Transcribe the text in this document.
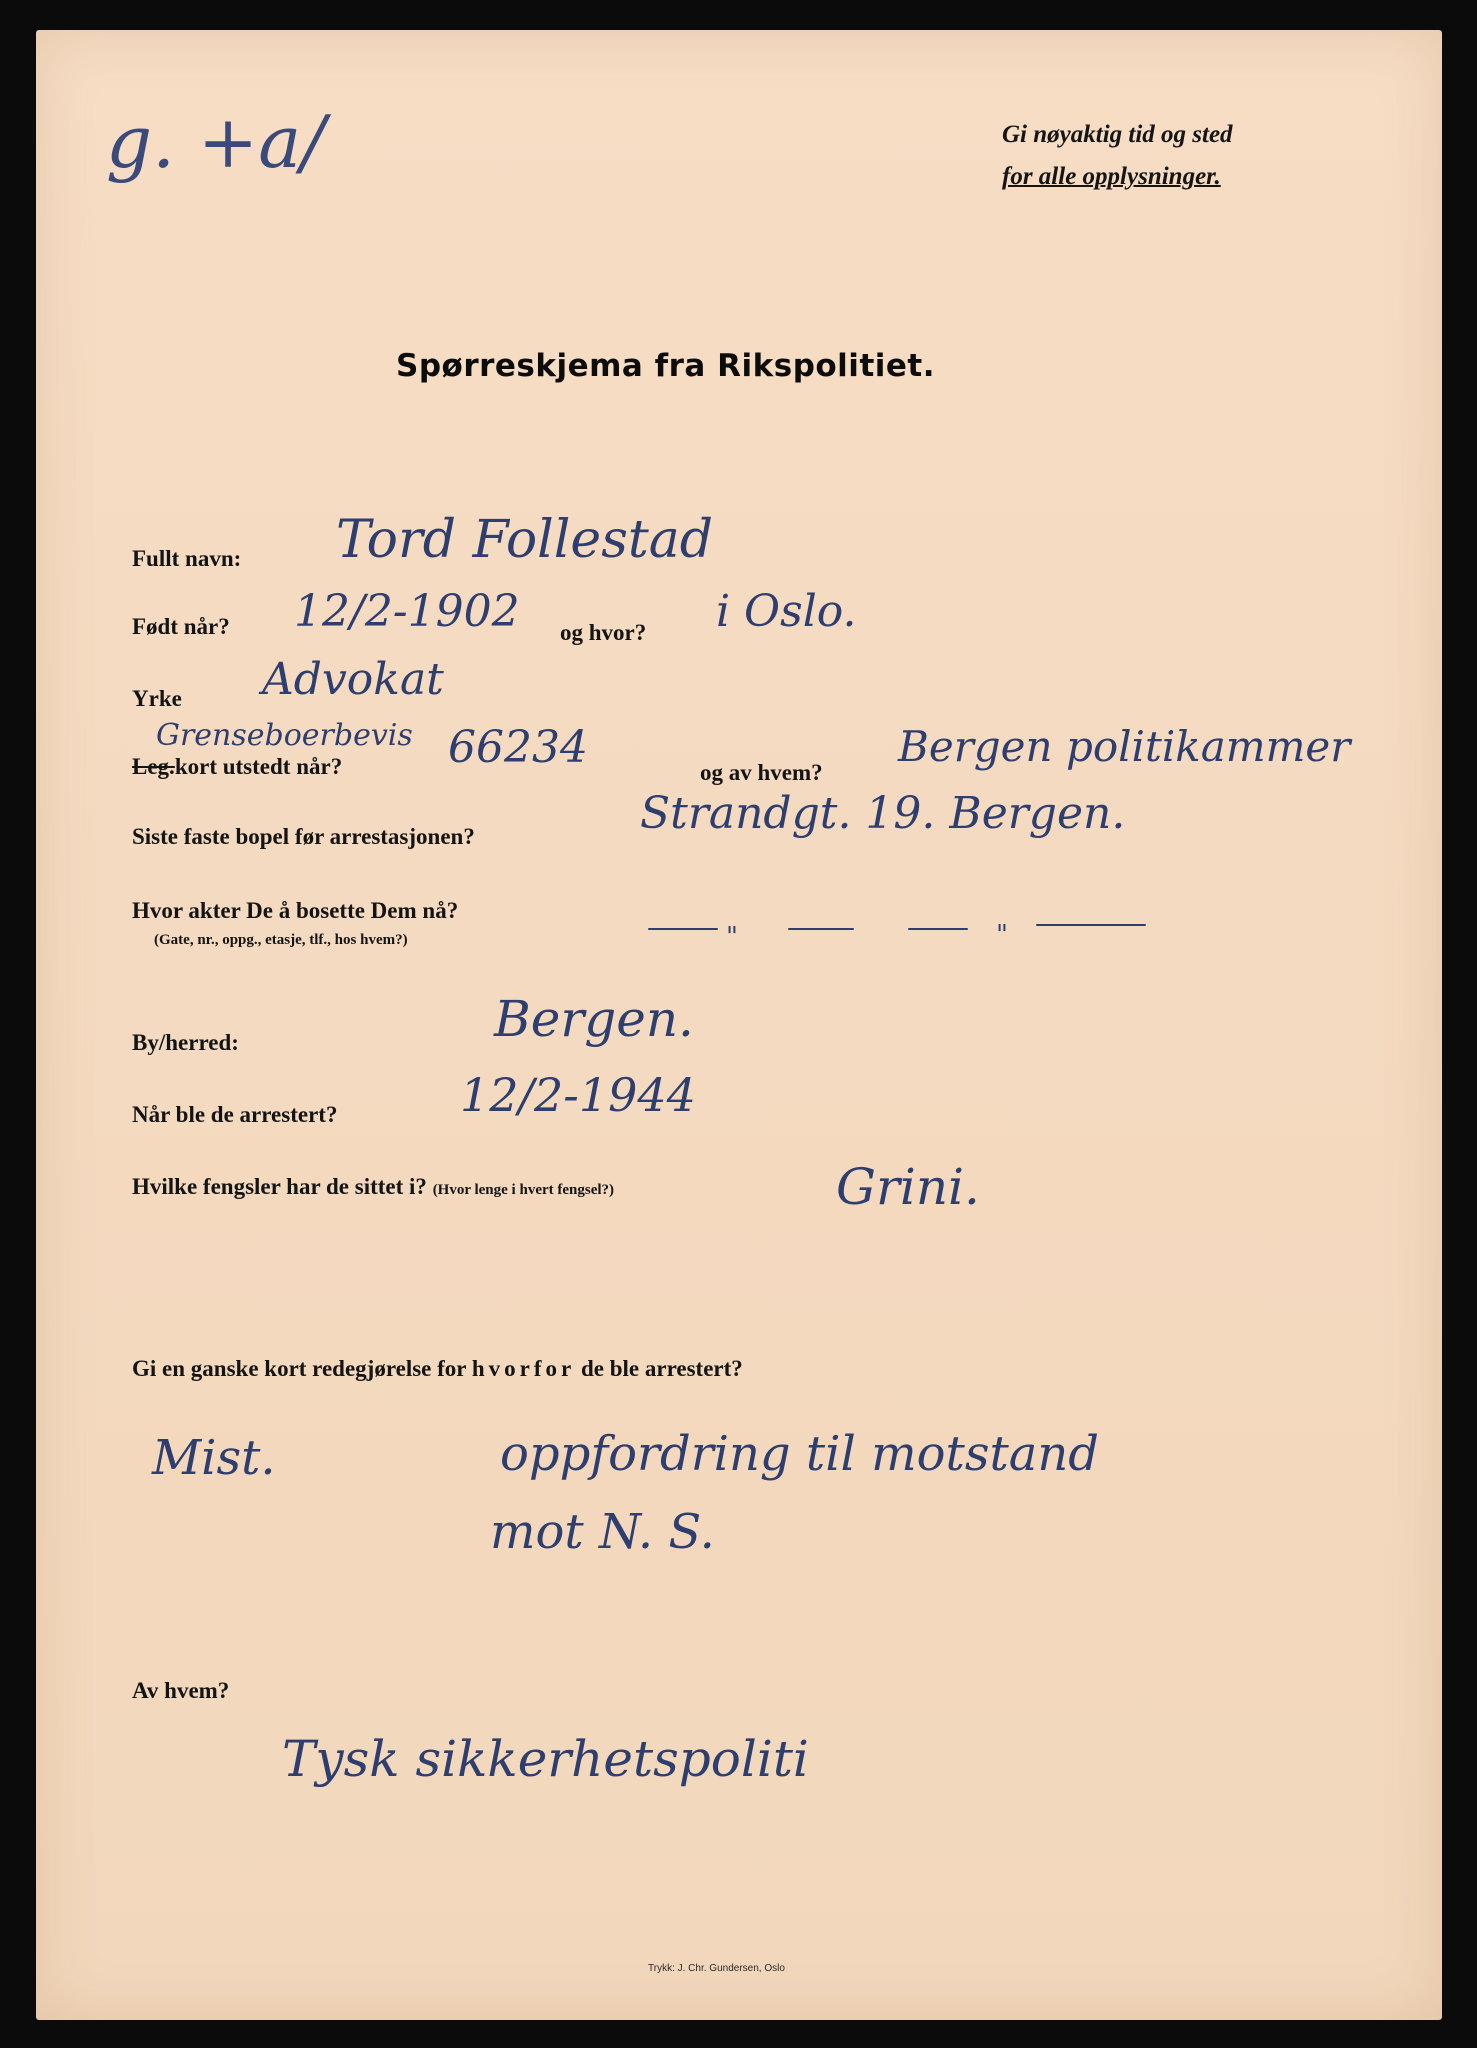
g. +a/	Gi nøyaktig tid og sted
for alle opplysninger.
Spørreskjema fra Rikspolitiet.
Fullt navn: Tord Follestad
Født når? 12/2-1902 og hvor? i Oslo.
Yrke Advokat
Grenseboerbevis
Leg.kort utstedt når? 66234	og av hvem?
Bergen politikammer
Siste faste bopel før arrestasjonen?	Strandgt. 19. Bergen.
Hvor akter De å bosette Dem nå?
(Gate, nr., oppg., etasje, tlf., hos hvem?)	"	"
By/herred:	Bergen.
Når ble de arrestert?	12/2-1944
Hvilke fengsler har de sittet i? (Hvor lenge i hvert fengsel?)	Grini.
Gi en ganske kort redegjørelse for hvorfor de ble arrestert?
Mist.	oppfordring til motstand
mot N. S.
Av hvem?
Tysk sikkerhetspoliti
Trykk: J. Chr. Gundersen, Oslo
